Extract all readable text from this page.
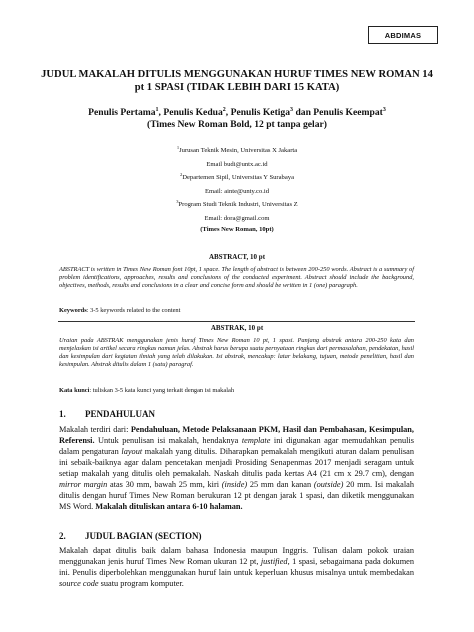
ABDIMAS
JUDUL MAKALAH DITULIS MENGGUNAKAN HURUF TIMES NEW ROMAN 14 pt 1 SPASI (TIDAK LEBIH DARI 15 KATA)
Penulis Pertama$^1$, Penulis Kedua$^2$, Penulis Ketiga$^3$ dan Penulis Keempat$^3$
(Times New Roman Bold, 12 pt tanpa gelar)
$^1$Jurusan Teknik Mesin, Universitas X Jakarta
Email budi@untx.ac.id
$^2$Departemen Sipil, Universitas Y Surabaya
Email: ainte@unty.co.id
$^3$Program Studi Teknik Industri, Universitas Z
Email: dora@gmail.com
(Times New Roman, 10pt)
ABSTRACT, 10 pt
ABSTRACT is written in Times New Roman font 10pt, 1 space. The length of abstract is between 200-250 words. Abstract is a summary of problem identifications, approaches, results and conclusions of the conducted experiment. Abstract should include the background, objectives, methods, results and conclusions in a clear and concise form and should be written in 1 (one) paragraph.
Keywords: 3-5 keywords related to the content
ABSTRAK, 10 pt
Uraian pada ABSTRAK menggunakan jenis huruf Times New Roman 10 pt, 1 spasi. Panjang abstrak antara 200-250 kata dan menjelaskan isi artikel secara ringkas namun jelas. Abstrak harus berupa suatu pernyataan ringkas dari permasalahan, pendekatan, hasil dan kesimpulan dari kegiatan ilmiah yang telah dilakukan. Isi abstrak, mencakup: latar belakang, tujuan, metode penelitian, hasil dan kesimpulan. Abstrak ditulis dalam 1 (satu) paragraf.
Kata kunci: tuliskan 3-5 kata kunci yang terkait dengan isi makalah
1. PENDAHULUAN
Makalah terdiri dari: Pendahuluan, Metode Pelaksanaan PKM, Hasil dan Pembahasan, Kesimpulan, Referensi. Untuk penulisan isi makalah, hendaknya template ini digunakan agar memudahkan penulis dalam pengaturan layout makalah yang ditulis. Diharapkan pemakalah mengikuti aturan dalam penulisan ini sebaik-baiknya agar dalam pencetakan menjadi Prosiding Senapenmas 2017 menjadi seragam untuk setiap makalah yang ditulis oleh pemakalah. Naskah ditulis pada kertas A4 (21 cm x 29.7 cm), dengan mirror margin atas 30 mm, bawah 25 mm, kiri (inside) 25 mm dan kanan (outside) 20 mm. Isi makalah ditulis dengan huruf Times New Roman berukuran 12 pt dengan jarak 1 spasi, dan diketik menggunakan MS Word. Makalah dituliskan antara 6-10 halaman.
2. JUDUL BAGIAN (SECTION)
Makalah dapat ditulis baik dalam bahasa Indonesia maupun Inggris. Tulisan dalam pokok uraian menggunakan jenis huruf Times New Roman ukuran 12 pt, justified, 1 spasi, sebagaimana pada dokumen ini. Penulis diperbolehkan menggunakan huruf lain untuk keperluan khusus misalnya untuk membedakan source code suatu program komputer.
